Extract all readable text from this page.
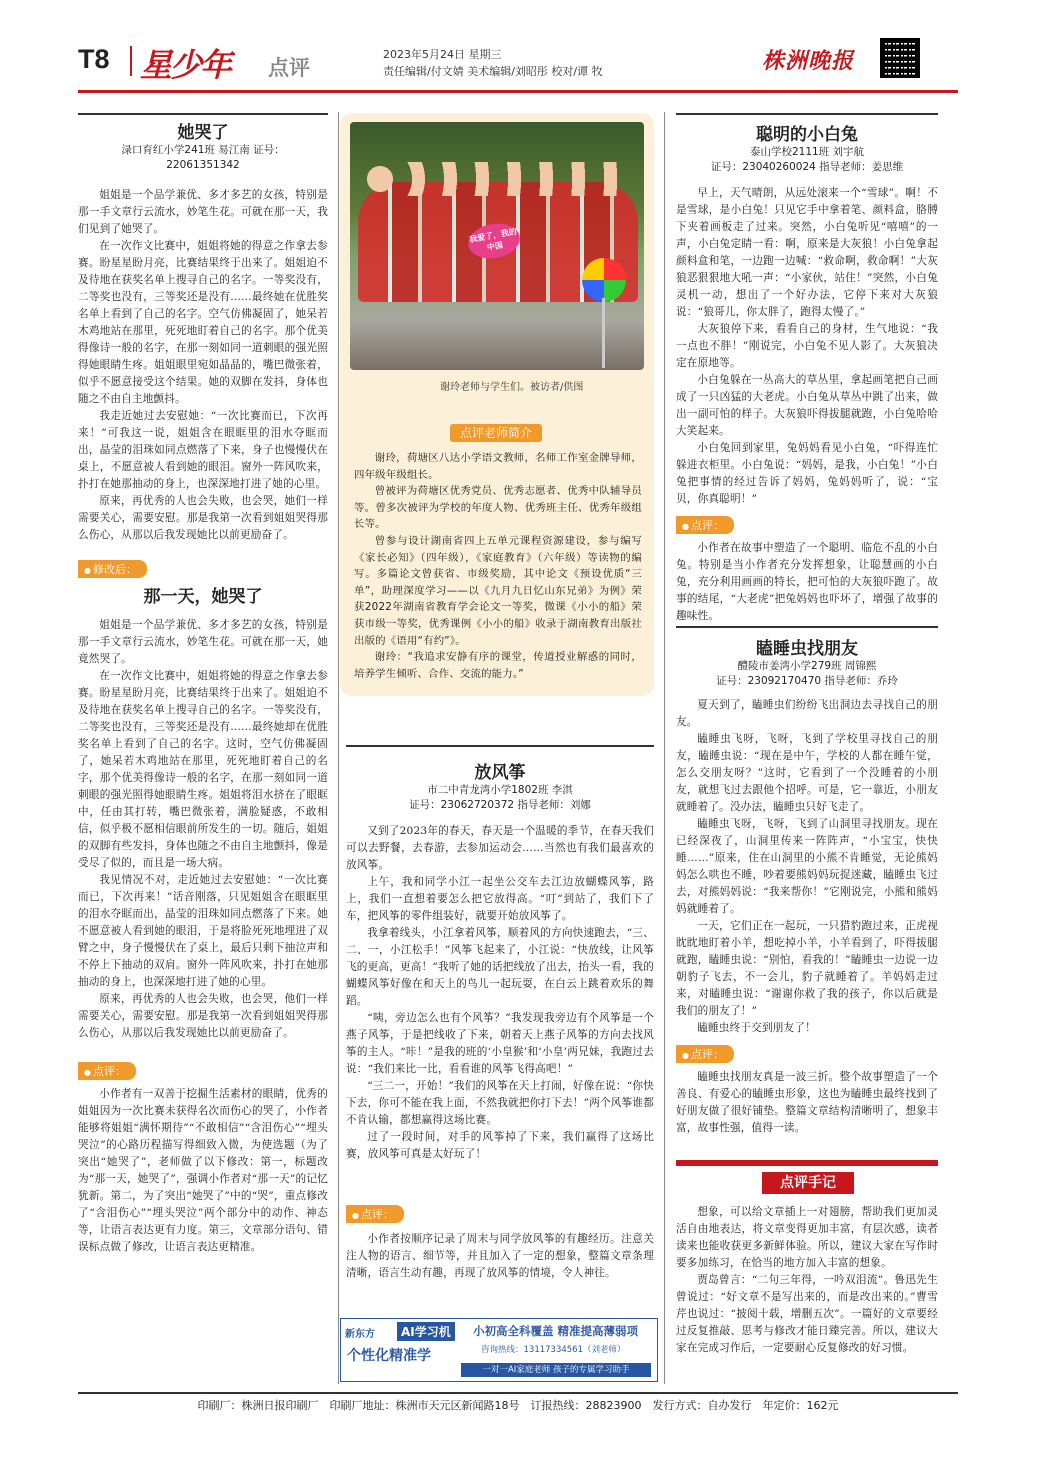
T8 星少年 点评
2023年5月24日 星期三
责任编辑/付文婧 美术编辑/刘昭彤 校对/谭 牧	株洲晚报

她哭了

渌口育红小学241班 易江南 证号：

22061351342

姐姐是一个品学兼优、多才多艺的女孩，特别是那一手文章行云流水，妙笔生花。可就在那一天，我们见到了她哭了。

在一次作文比赛中，姐姐将她的得意之作拿去参赛。盼星星盼月亮，比赛结果终于出来了。姐姐迫不及待地在获奖名单上搜寻自己的名字。一等奖没有，二等奖也没有，三等奖还是没有……最终她在优胜奖名单上看到了自己的名字。空气仿佛凝固了，她呆若木鸡地站在那里，死死地盯着自己的名字。那个优美得像诗一般的名字，在那一刻如同一道刺眼的强光照得她眼睛生疼。姐姐眼里宛如晶晶的，嘴巴微张着，似乎不愿意接受这个结果。她的双脚在发抖，身体也随之不由自主地颤抖。

我走近她过去安慰她：“一次比赛而已，下次再来！”可我这一说，姐姐含在眼眶里的泪水夺眶而出，晶莹的泪珠如同点燃落了下来，身子也慢慢伏在桌上，不愿意被人看到她的眼泪。窗外一阵风吹来，扑打在她那抽动的身上，也深深地打进了她的心里。

原来，再优秀的人也会失败，也会哭，她们一样需要关心，需要安慰。那是我第一次看到姐姐哭得那么伤心，从那以后我发现她比以前更励奋了。

● 修改后：

那一天，她哭了

姐姐是一个品学兼优、多才多艺的女孩，特别是那一手文章行云流水，妙笔生花。可就在那一天，她竟然哭了。

在一次作文比赛中，姐姐将她的得意之作拿去参赛。盼星星盼月亮，比赛结果终于出来了。姐姐迫不及待地在获奖名单上搜寻自己的名字。一等奖没有，二等奖也没有，三等奖还是没有……最终她却在优胜奖名单上看到了自己的名字。这时，空气仿佛凝固了，她呆若木鸡地站在那里，死死地盯着自己的名字，那个优美得像诗一般的名字，在那一刻如同一道刺眼的强光照得她眼睛生疼。姐姐将泪水挤在了眼眶中，任由其打转，嘴巴微张着，满脸疑惑，不敢相信，似乎极不愿相信眼前所发生的一切。随后，姐姐的双脚有些发抖，身体也随之不由自主地颤抖，像是受尽了似的，而且是一场大病。

我见情况不对，走近她过去安慰她：“一次比赛而已，下次再来！”话音刚落，只见姐姐含在眼眶里的泪水夺眶而出，晶莹的泪珠如同点燃落了下来。她不愿意被人看到她的眼泪，于是将脸死死地埋进了双臂之中，身子慢慢伏在了桌上，最后只剩下抽泣声和不停上下抽动的双肩。窗外一阵风吹来，扑打在她那抽动的身上，也深深地打进了她的心里。

原来，再优秀的人也会失败，也会哭，他们一样需要关心，需要安慰。那是我第一次看到姐姐哭得那么伤心，从那以后我发现她比以前更励奋了。

● 点评：

小作者有一双善于挖掘生活素材的眼睛，优秀的姐姐因为一次比赛未获得名次而伤心的哭了，小作者能够将姐姐“满怀期待”“不敢相信”“含泪伤心”“埋头哭泣”的心路历程描写得细致入微，为使选题（为了突出“她哭了”，老师做了以下修改：第一，标题改为“那一天，她哭了”，强调小作者对“那一天”的记忆犹新。第二，为了突出“她哭了”中的“哭”，重点修改了“含泪伤心”“埋头哭泣”两个部分中的动作、神态等，让语言表达更有力度。第三，文章部分语句、错误标点做了修改，让语言表达更精准。

我爱了，我的中国
谢玲老师与学生们。被访者/供图
点评老师简介

谢玲，荷塘区八达小学语文教师，名师工作室金牌导师，四年级年级组长。

曾被评为荷塘区优秀党员、优秀志愿者、优秀中队辅导员等。曾多次被评为学校的年度人物、优秀班主任、优秀年级组长等。

曾参与设计湖南省四上五单元课程资源建设，参与编写《家长必知》（四年级），《家庭教育》（六年级）等读物的编写。多篇论文曾获省、市级奖励，其中论文《预设优质“三单”，助理深度学习——以《九月九日忆山东兄弟》为例》荣获2022年湖南省教育学会论文一等奖，微课《小小的船》荣获市级一等奖，优秀课例《小小的船》收录于湖南教育出版社出版的《语用“有约”》。

谢玲：“我追求安静有序的课堂，传道授业解惑的同时，培养学生倾听、合作、交流的能力。”

放风筝

市二中青龙湾小学1802班 李淇

证号：23062720372 指导老师：刘娜

又到了2023年的春天，春天是一个温暖的季节，在春天我们可以去野餐，去春游，去参加运动会……当然也有我们最喜欢的放风筝。

上午，我和同学小江一起坐公交车去江边放蝴蝶风筝，路上，我们一直想着要怎么把它放得高。“叮”到站了，我们下了车，把风筝的零件组装好，就要开始放风筝了。

我拿着线头，小江拿着风筝，顺着风的方向快速跑去，“三、二、一，小江松手！”风筝飞起来了，小江说：“快放线，让风筝飞的更高，更高！”我听了她的话把线放了出去，抬头一看，我的蝴蝶风筝好像在和天上的鸟儿一起玩耍，在白云上跳着欢乐的舞蹈。

“咦，旁边怎么也有个风筝？”我发现我旁边有个风筝是一个燕子风筝，于是把线收了下来，朝着天上燕子风筝的方向去找风筝的主人。“咔！”是我的班的‘小皇猴’和‘小皇’两兄妹，我跑过去说：“我们来比一比，看看谁的风筝飞得高吧！”

“三二一，开始！”我们的风筝在天上打闹，好像在说：“你快下去，你可不能在我上面，不然我就把你打下去！”两个风筝谁都不肯认输，都想赢得这场比赛。

过了一段时间，对手的风筝掉了下来，我们赢得了这场比赛，放风筝可真是太好玩了！

● 点评：

小作者按顺序记录了周末与同学放风筝的有趣经历。注意关注人物的语言、细节等，并且加入了一定的想象，整篇文章条理清晰，语言生动有趣，再现了放风筝的情境，令人神往。

新东方	AI学习机	小初高全科覆盖 精准提高薄弱项
个性化精准学	咨询热线：13117334561（刘老师）
一对一AI家庭老师 孩子的专属学习助手

聪明的小白兔

泰山学校2111班 刘宇航

证号：23040260024 指导老师：姜思维

早上，天气晴朗，从远处滚来一个“雪球”。啊！不是雪球，是小白兔！只见它手中拿着笔、颜料盒，胳膊下夹着画板走了过来。突然，小白兔听见“嘻嘻”的一声，小白兔定睛一看：啊，原来是大灰狼！小白兔拿起颜料盒和笔，一边跑一边喊：“救命啊，救命啊！”大灰狼恶狠狠地大吼一声：“小家伙，站住！”突然，小白兔灵机一动，想出了一个好办法，它停下来对大灰狼说：“狼哥儿，你太胖了，跑得太慢了。”

大灰狼停下来，看看自己的身材，生气地说：“我一点也不胖！”刚说完，小白兔不见人影了。大灰狼决定在原地等。

小白兔躲在一丛高大的草丛里，拿起画笔把自己画成了一只凶猛的大老虎。小白兔从草丛中跳了出来，做出一副可怕的样子。大灰狼吓得拔腿就跑，小白兔哈哈大笑起来。

小白兔回到家里，兔妈妈看见小白兔，“吓得连忙躲进衣柜里。小白兔说：“妈妈，是我，小白兔！”小白兔把事情的经过告诉了妈妈，兔妈妈听了，说：“宝贝，你真聪明！”

● 点评：

小作者在故事中塑造了一个聪明、临危不乱的小白兔。特别是当小作者充分发挥想象，让聪慧画的小白兔，充分利用画画的特长，把可怕的大灰狼吓跑了。故事的结尾，“大老虎”把兔妈妈也吓坏了，增强了故事的趣味性。

瞌睡虫找朋友

醴陵市姜湾小学279班 周锦熙

证号：23092170470 指导老师：乔玲

夏天到了，瞌睡虫们纷纷飞出洞边去寻找自己的朋友。

瞌睡虫飞呀，飞呀，飞到了学校里寻找自己的朋友，瞌睡虫说：“现在是中午，学校的人都在睡午觉，怎么交朋友呀？”这时，它看到了一个没睡着的小朋友，就想飞过去跟他个招呼。可是，它一靠近，小朋友就睡着了。没办法，瞌睡虫只好飞走了。

瞌睡虫飞呀，飞呀，飞到了山洞里寻找朋友。现在已经深夜了，山洞里传来一阵阵声，“小宝宝，快快睡……”原来，住在山洞里的小熊不肯睡觉，无论熊妈妈怎么哄也不睡，吵着要熊妈妈玩捉迷藏，瞌睡虫飞过去，对熊妈妈说：“我来帮你！”它刚说完，小熊和熊妈妈就睡着了。

一天，它们正在一起玩，一只猎豹跑过来，正虎视眈眈地盯着小羊，想吃掉小羊，小羊看到了，吓得拔腿就跑，瞌睡虫说：“别怕，看我的！”瞌睡虫一边说一边朝豹子飞去，不一会儿，豹子就睡着了。羊妈妈走过来，对瞌睡虫说：“谢谢你救了我的孩子，你以后就是我们的朋友了！”

瞌睡虫终于交到朋友了！

● 点评：

瞌睡虫找朋友真是一波三折。整个故事塑造了一个善良、有爱心的瞌睡虫形象，这也为瞌睡虫最终找到了好朋友做了很好铺垫。整篇文章结构清晰明了，想象丰富，故事性强，值得一读。

点评手记

想象，可以给文章插上一对翅膀，帮助我们更加灵活自由地表达，将文章变得更加丰富，有层次感，读者读来也能收获更多新鲜体验。所以，建议大家在写作时要多加练习，在恰当的地方加入丰富的想象。

贾岛曾言：“二句三年得，一吟双泪流”。鲁迅先生曾说过：“好文章不是写出来的，而是改出来的。”曹雪芹也说过：“披阅十载，增删五次”。一篇好的文章要经过反复推敲、思考与修改才能日臻完善。所以，建议大家在完成习作后，一定要耐心反复修改的好习惯。

印刷厂：株洲日报印刷厂　印刷厂地址：株洲市天元区新闻路18号　订报热线：28823900　发行方式：自办发行　年定价：162元
